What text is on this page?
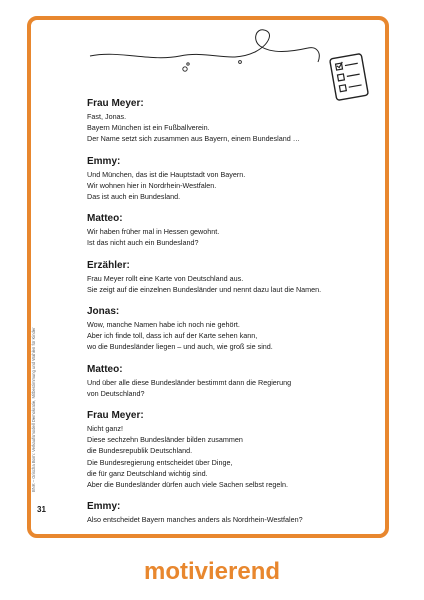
Frau Meyer:
Fast, Jonas.
Bayern München ist ein Fußballverein.
Der Name setzt sich zusammen aus Bayern, einem Bundesland …
Emmy:
Und München, das ist die Hauptstadt von Bayern.
Wir wohnen hier in Nordrhein-Westfalen.
Das ist auch ein Bundesland.
Matteo:
Wir haben früher mal in Hessen gewohnt.
Ist das nicht auch ein Bundesland?
Erzähler:
Frau Meyer rollt eine Karte von Deutschland aus.
Sie zeigt auf die einzelnen Bundesländer und nennt dazu laut die Namen.
Jonas:
Wow, manche Namen habe ich noch nie gehört.
Aber ich finde toll, dass ich auf der Karte sehen kann,
wo die Bundesländer liegen – und auch, wie groß sie sind.
Matteo:
Und über alle diese Bundesländer bestimmt dann die Regierung
von Deutschland?
Frau Meyer:
Nicht ganz!
Diese sechzehn Bundesländer bilden zusammen
die Bundesrepublik Deutschland.
Die Bundesregierung entscheidet über Dinge,
die für ganz Deutschland wichtig sind.
Aber die Bundesländer dürfen auch viele Sachen selbst regeln.
Emmy:
Also entscheidet Bayern manches anders als Nordrhein-Westfalen?
BNK – Grischa Born: Verkaufsmodell Demokratie, Mitbestimmung und Wahlen für Kinder
31
motivierend
